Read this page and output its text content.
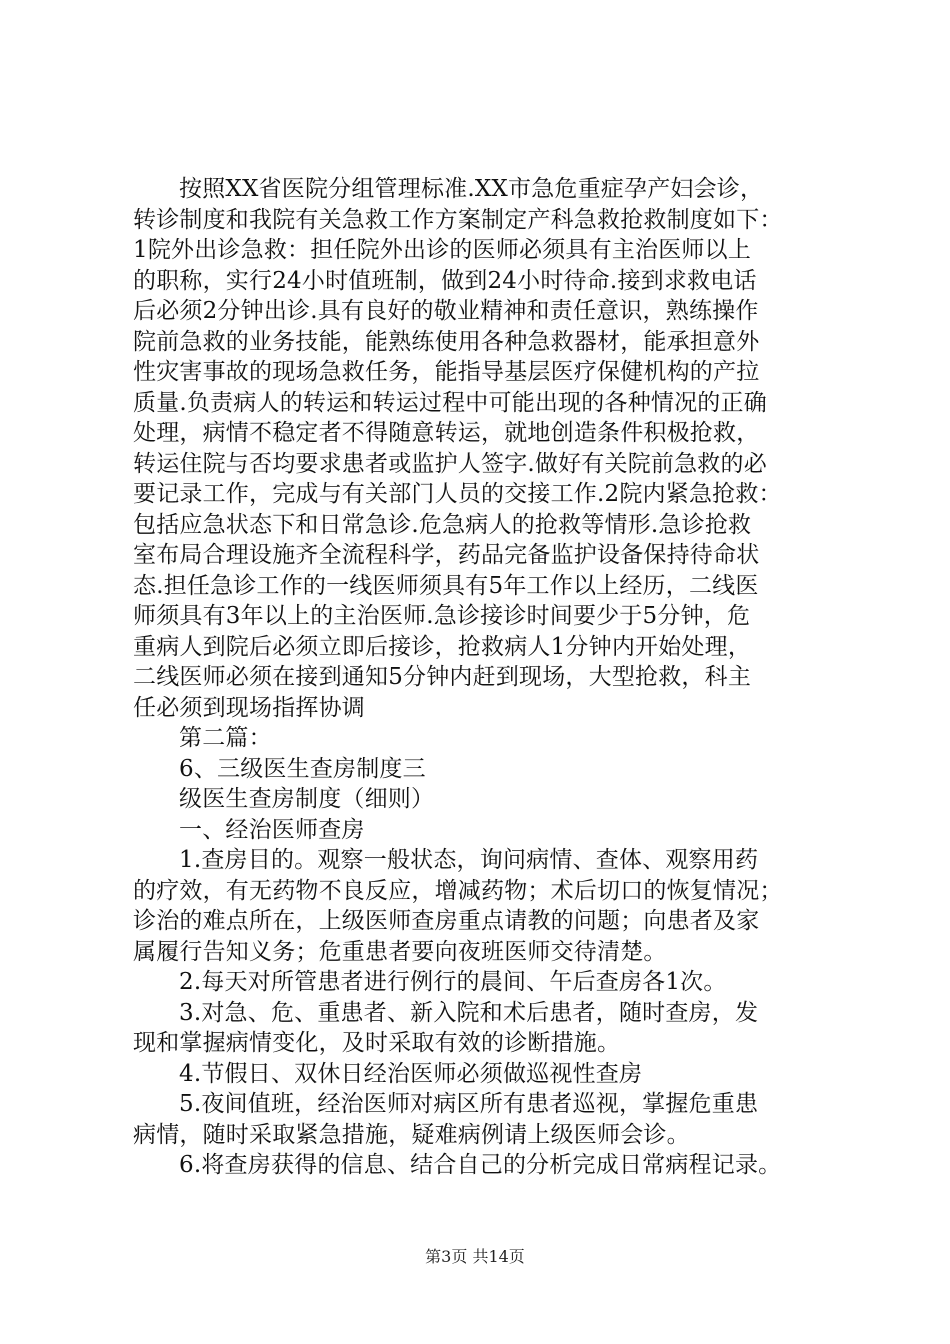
按照XX省医院分组管理标准.XX市急危重症孕产妇会诊，
转诊制度和我院有关急救工作方案制定产科急救抢救制度如下：
1院外出诊急救：担任院外出诊的医师必须具有主治医师以上
的职称，实行24小时值班制，做到24小时待命.接到求救电话
后必须2分钟出诊.具有良好的敬业精神和责任意识，熟练操作
院前急救的业务技能，能熟练使用各种急救器材，能承担意外
性灾害事故的现场急救任务，能指导基层医疗保健机构的产拉
质量.负责病人的转运和转运过程中可能出现的各种情况的正确
处理，病情不稳定者不得随意转运，就地创造条件积极抢救，
转运住院与否均要求患者或监护人签字.做好有关院前急救的必
要记录工作，完成与有关部门人员的交接工作.2院内紧急抢救：
包括应急状态下和日常急诊.危急病人的抢救等情形.急诊抢救
室布局合理设施齐全流程科学，药品完备监护设备保持待命状
态.担任急诊工作的一线医师须具有5年工作以上经历，二线医
师须具有3年以上的主治医师.急诊接诊时间要少于5分钟，危
重病人到院后必须立即后接诊，抢救病人1分钟内开始处理，
二线医师必须在接到通知5分钟内赶到现场，大型抢救，科主
任必须到现场指挥协调
第二篇：
6、三级医生查房制度三
级医生查房制度（细则）
一、经治医师查房
1.查房目的。观察一般状态，询问病情、查体、观察用药
的疗效，有无药物不良反应，增减药物；术后切口的恢复情况；
诊治的难点所在，上级医师查房重点请教的问题；向患者及家
属履行告知义务；危重患者要向夜班医师交待清楚。
2.每天对所管患者进行例行的晨间、午后查房各1次。
3.对急、危、重患者、新入院和术后患者，随时查房，发
现和掌握病情变化，及时采取有效的诊断措施。
4.节假日、双休日经治医师必须做巡视性查房
5.夜间值班，经治医师对病区所有患者巡视，掌握危重患
病情，随时采取紧急措施，疑难病例请上级医师会诊。
6.将查房获得的信息、结合自己的分析完成日常病程记录。
第3页 共14页
